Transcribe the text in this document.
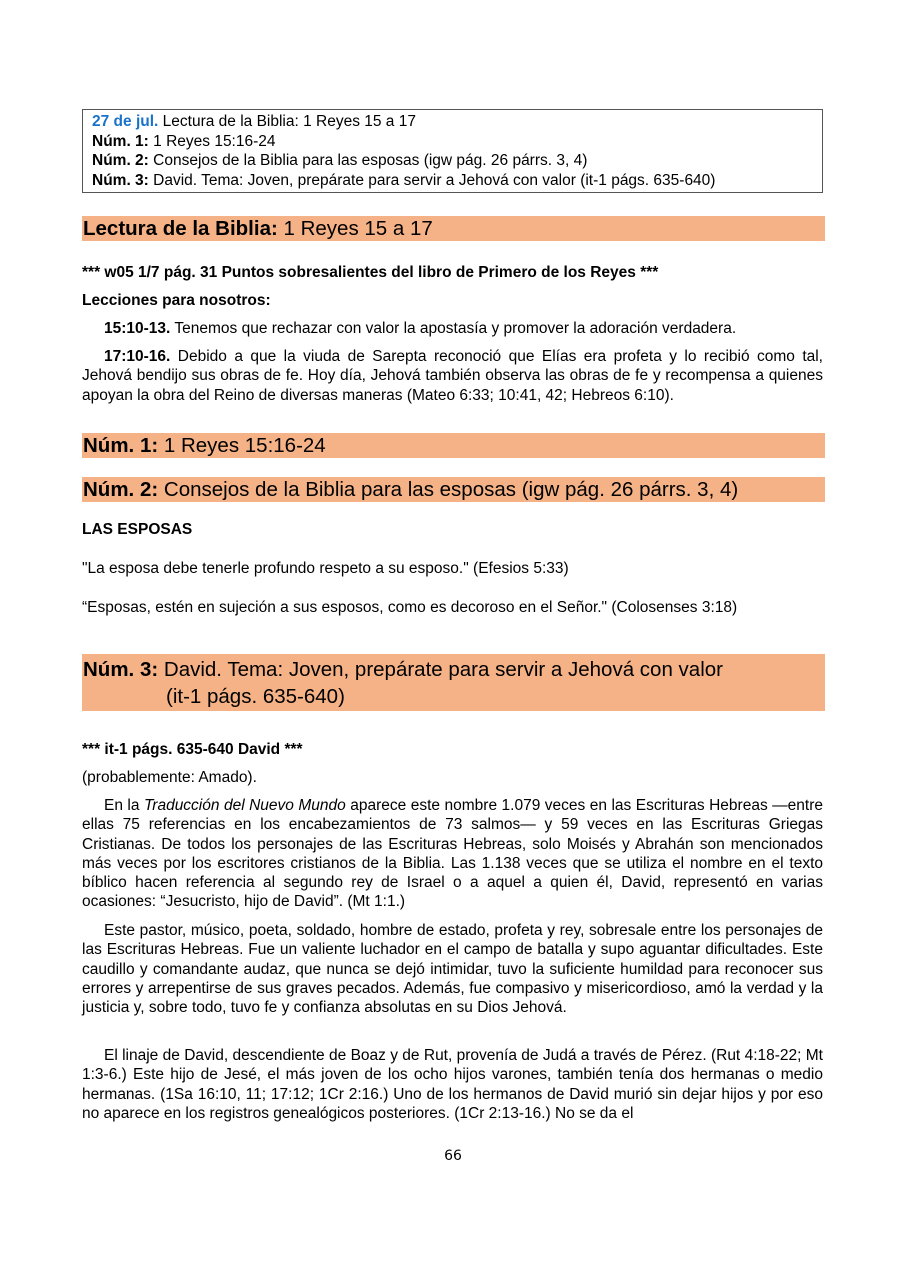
27 de jul. Lectura de la Biblia: 1 Reyes 15 a 17
Núm. 1: 1 Reyes 15:16-24
Núm. 2: Consejos de la Biblia para las esposas (igw pág. 26 párrs. 3, 4)
Núm. 3: David. Tema: Joven, prepárate para servir a Jehová con valor (it-1 págs. 635-640)
Lectura de la Biblia: 1 Reyes 15 a 17
*** w05 1/7 pág. 31 Puntos sobresalientes del libro de Primero de los Reyes ***
Lecciones para nosotros:
15:10-13. Tenemos que rechazar con valor la apostasía y promover la adoración verdadera.
17:10-16. Debido a que la viuda de Sarepta reconoció que Elías era profeta y lo recibió como tal, Jehová bendijo sus obras de fe. Hoy día, Jehová también observa las obras de fe y recompensa a quienes apoyan la obra del Reino de diversas maneras (Mateo 6:33; 10:41, 42; Hebreos 6:10).
Núm. 1: 1 Reyes 15:16-24
Núm. 2: Consejos de la Biblia para las esposas (igw pág. 26 párrs. 3, 4)
LAS ESPOSAS
"La esposa debe tenerle profundo respeto a su esposo." (Efesios 5:33)
“Esposas, estén en sujeción a sus esposos, como es decoroso en el Señor." (Colosenses 3:18)
Núm. 3: David. Tema: Joven, prepárate para servir a Jehová con valor
(it-1 págs. 635-640)
*** it-1 págs. 635-640 David ***
(probablemente: Amado).
En la Traducción del Nuevo Mundo aparece este nombre 1.079 veces en las Escrituras Hebreas —entre ellas 75 referencias en los encabezamientos de 73 salmos— y 59 veces en las Escrituras Griegas Cristianas. De todos los personajes de las Escrituras Hebreas, solo Moisés y Abrahán son mencionados más veces por los escritores cristianos de la Biblia. Las 1.138 veces que se utiliza el nombre en el texto bíblico hacen referencia al segundo rey de Israel o a aquel a quien él, David, representó en varias ocasiones: “Jesucristo, hijo de David”. (Mt 1:1.)
Este pastor, músico, poeta, soldado, hombre de estado, profeta y rey, sobresale entre los personajes de las Escrituras Hebreas. Fue un valiente luchador en el campo de batalla y supo aguantar dificultades. Este caudillo y comandante audaz, que nunca se dejó intimidar, tuvo la suficiente humildad para reconocer sus errores y arrepentirse de sus graves pecados. Además, fue compasivo y misericordioso, amó la verdad y la justicia y, sobre todo, tuvo fe y confianza absolutas en su Dios Jehová.
El linaje de David, descendiente de Boaz y de Rut, provenía de Judá a través de Pérez. (Rut 4:18-22; Mt 1:3-6.) Este hijo de Jesé, el más joven de los ocho hijos varones, también tenía dos hermanas o medio hermanas. (1Sa 16:10, 11; 17:12; 1Cr 2:16.) Uno de los hermanos de David murió sin dejar hijos y por eso no aparece en los registros genealógicos posteriores. (1Cr 2:13-16.) No se da el
66
